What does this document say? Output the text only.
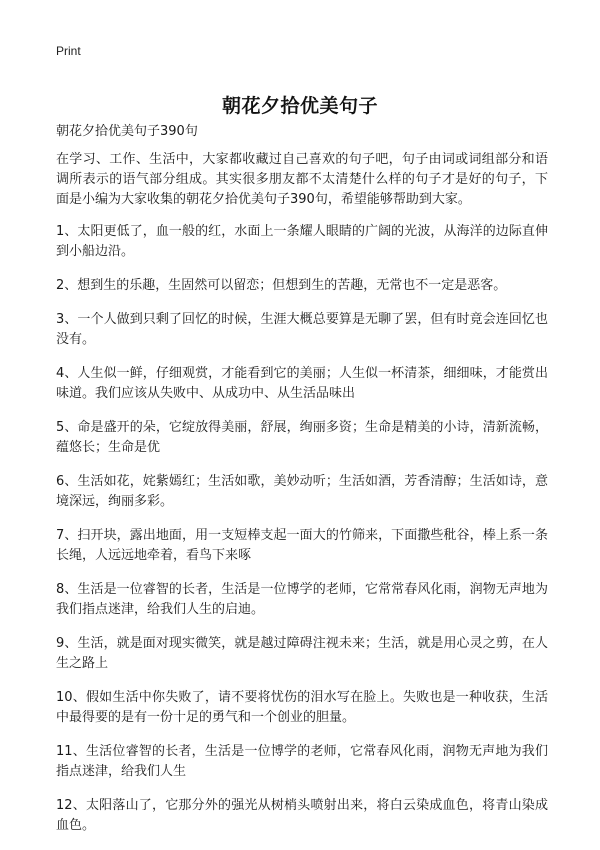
Print
朝花夕拾优美句子
朝花夕拾优美句子390句

在学习、工作、生活中，大家都收藏过自己喜欢的句子吧，句子由词或词组部分和语调所表示的语气部分组成。其实很多朋友都不太清楚什么样的句子才是好的句子，下面是小编为大家收集的朝花夕拾优美句子390句，希望能够帮助到大家。

1、太阳更低了，血一般的红，水面上一条耀人眼睛的广阔的光波，从海洋的边际直伸到小船边沿。

2、想到生的乐趣，生固然可以留恋；但想到生的苦趣，无常也不一定是恶客。

3、一个人做到只剩了回忆的时候，生涯大概总要算是无聊了罢，但有时竟会连回忆也没有。

4、人生似一鲜，仔细观赏，才能看到它的美丽；人生似一杯清茶，细细味，才能赏出味道。我们应该从失败中、从成功中、从生活品味出

5、命是盛开的朵，它绽放得美丽，舒展，绚丽多资；生命是精美的小诗，清新流畅，蕴悠长；生命是优

6、生活如花，姹紫嫣红；生活如歌，美妙动听；生活如酒，芳香清醇；生活如诗，意境深远，绚丽多彩。

7、扫开块，露出地面，用一支短棒支起一面大的竹筛来，下面撒些秕谷，棒上系一条长绳，人远远地牵着，看鸟下来啄

8、生活是一位睿智的长者，生活是一位博学的老师，它常常春风化雨，润物无声地为我们指点迷津，给我们人生的启迪。

9、生活，就是面对现实微笑，就是越过障碍注视未来；生活，就是用心灵之剪，在人生之路上

10、假如生活中你失败了，请不要将忧伤的泪水写在脸上。失败也是一种收获，生活中最得要的是有一份十足的勇气和一个创业的胆量。

11、生活位睿智的长者，生活是一位博学的老师，它常春风化雨，润物无声地为我们指点迷津，给我们人生

12、太阳落山了，它那分外的强光从树梢头喷射出来，将白云染成血色，将青山染成血色。
